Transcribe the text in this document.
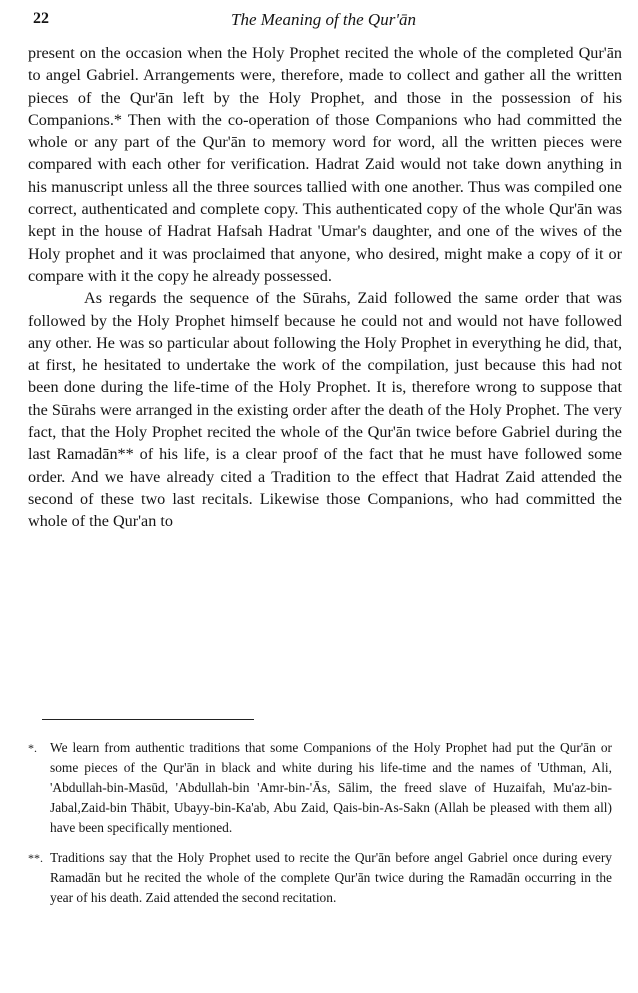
22	The Meaning of the Qur'ān

present on the occasion when the Holy Prophet recited the whole of the completed Qur'ān to angel Gabriel. Arrangements were, therefore, made to collect and gather all the written pieces of the Qur'ān left by the Holy Prophet, and those in the possession of his Companions.* Then with the co-operation of those Companions who had committed the whole or any part of the Qur'ān to memory word for word, all the written pieces were compared with each other for verification. Hadrat Zaid would not take down anything in his manuscript unless all the three sources tallied with one another. Thus was compiled one correct, authenticated and complete copy. This authenticated copy of the whole Qur'ān was kept in the house of Hadrat Hafsah Hadrat 'Umar's daughter, and one of the wives of the Holy prophet and it was proclaimed that anyone, who desired, might make a copy of it or compare with it the copy he already possessed.

As regards the sequence of the Sūrahs, Zaid followed the same order that was followed by the Holy Prophet himself because he could not and would not have followed any other. He was so particular about following the Holy Prophet in everything he did, that, at first, he hesitated to undertake the work of the compilation, just because this had not been done during the life-time of the Holy Prophet. It is, therefore wrong to suppose that the Sūrahs were arranged in the existing order after the death of the Holy Prophet. The very fact, that the Holy Prophet recited the whole of the Qur'ān twice before Gabriel during the last Ramadān** of his life, is a clear proof of the fact that he must have followed some order. And we have already cited a Tradition to the effect that Hadrat Zaid attended the second of these two last recitals. Likewise those Companions, who had committed the whole of the Qur'an to

*. We learn from authentic traditions that some Companions of the Holy Prophet had put the Qur'ān or some pieces of the Qur'ān in black and white during his life-time and the names of 'Uthman, Ali, 'Abdullah-bin-Masūd, 'Abdullah-bin 'Amr-bin-'Ās, Sālim, the freed slave of Huzaifah, Mu'az-bin-Jabal,Zaid-bin Thābit, Ubayy-bin-Ka'ab, Abu Zaid, Qais-bin-As-Sakn (Allah be pleased with them all) have been specifically mentioned.
**. Traditions say that the Holy Prophet used to recite the Qur'ān before angel Gabriel once during every Ramadān but he recited the whole of the complete Qur'ān twice during the Ramadān occurring in the year of his death. Zaid attended the second recitation.
